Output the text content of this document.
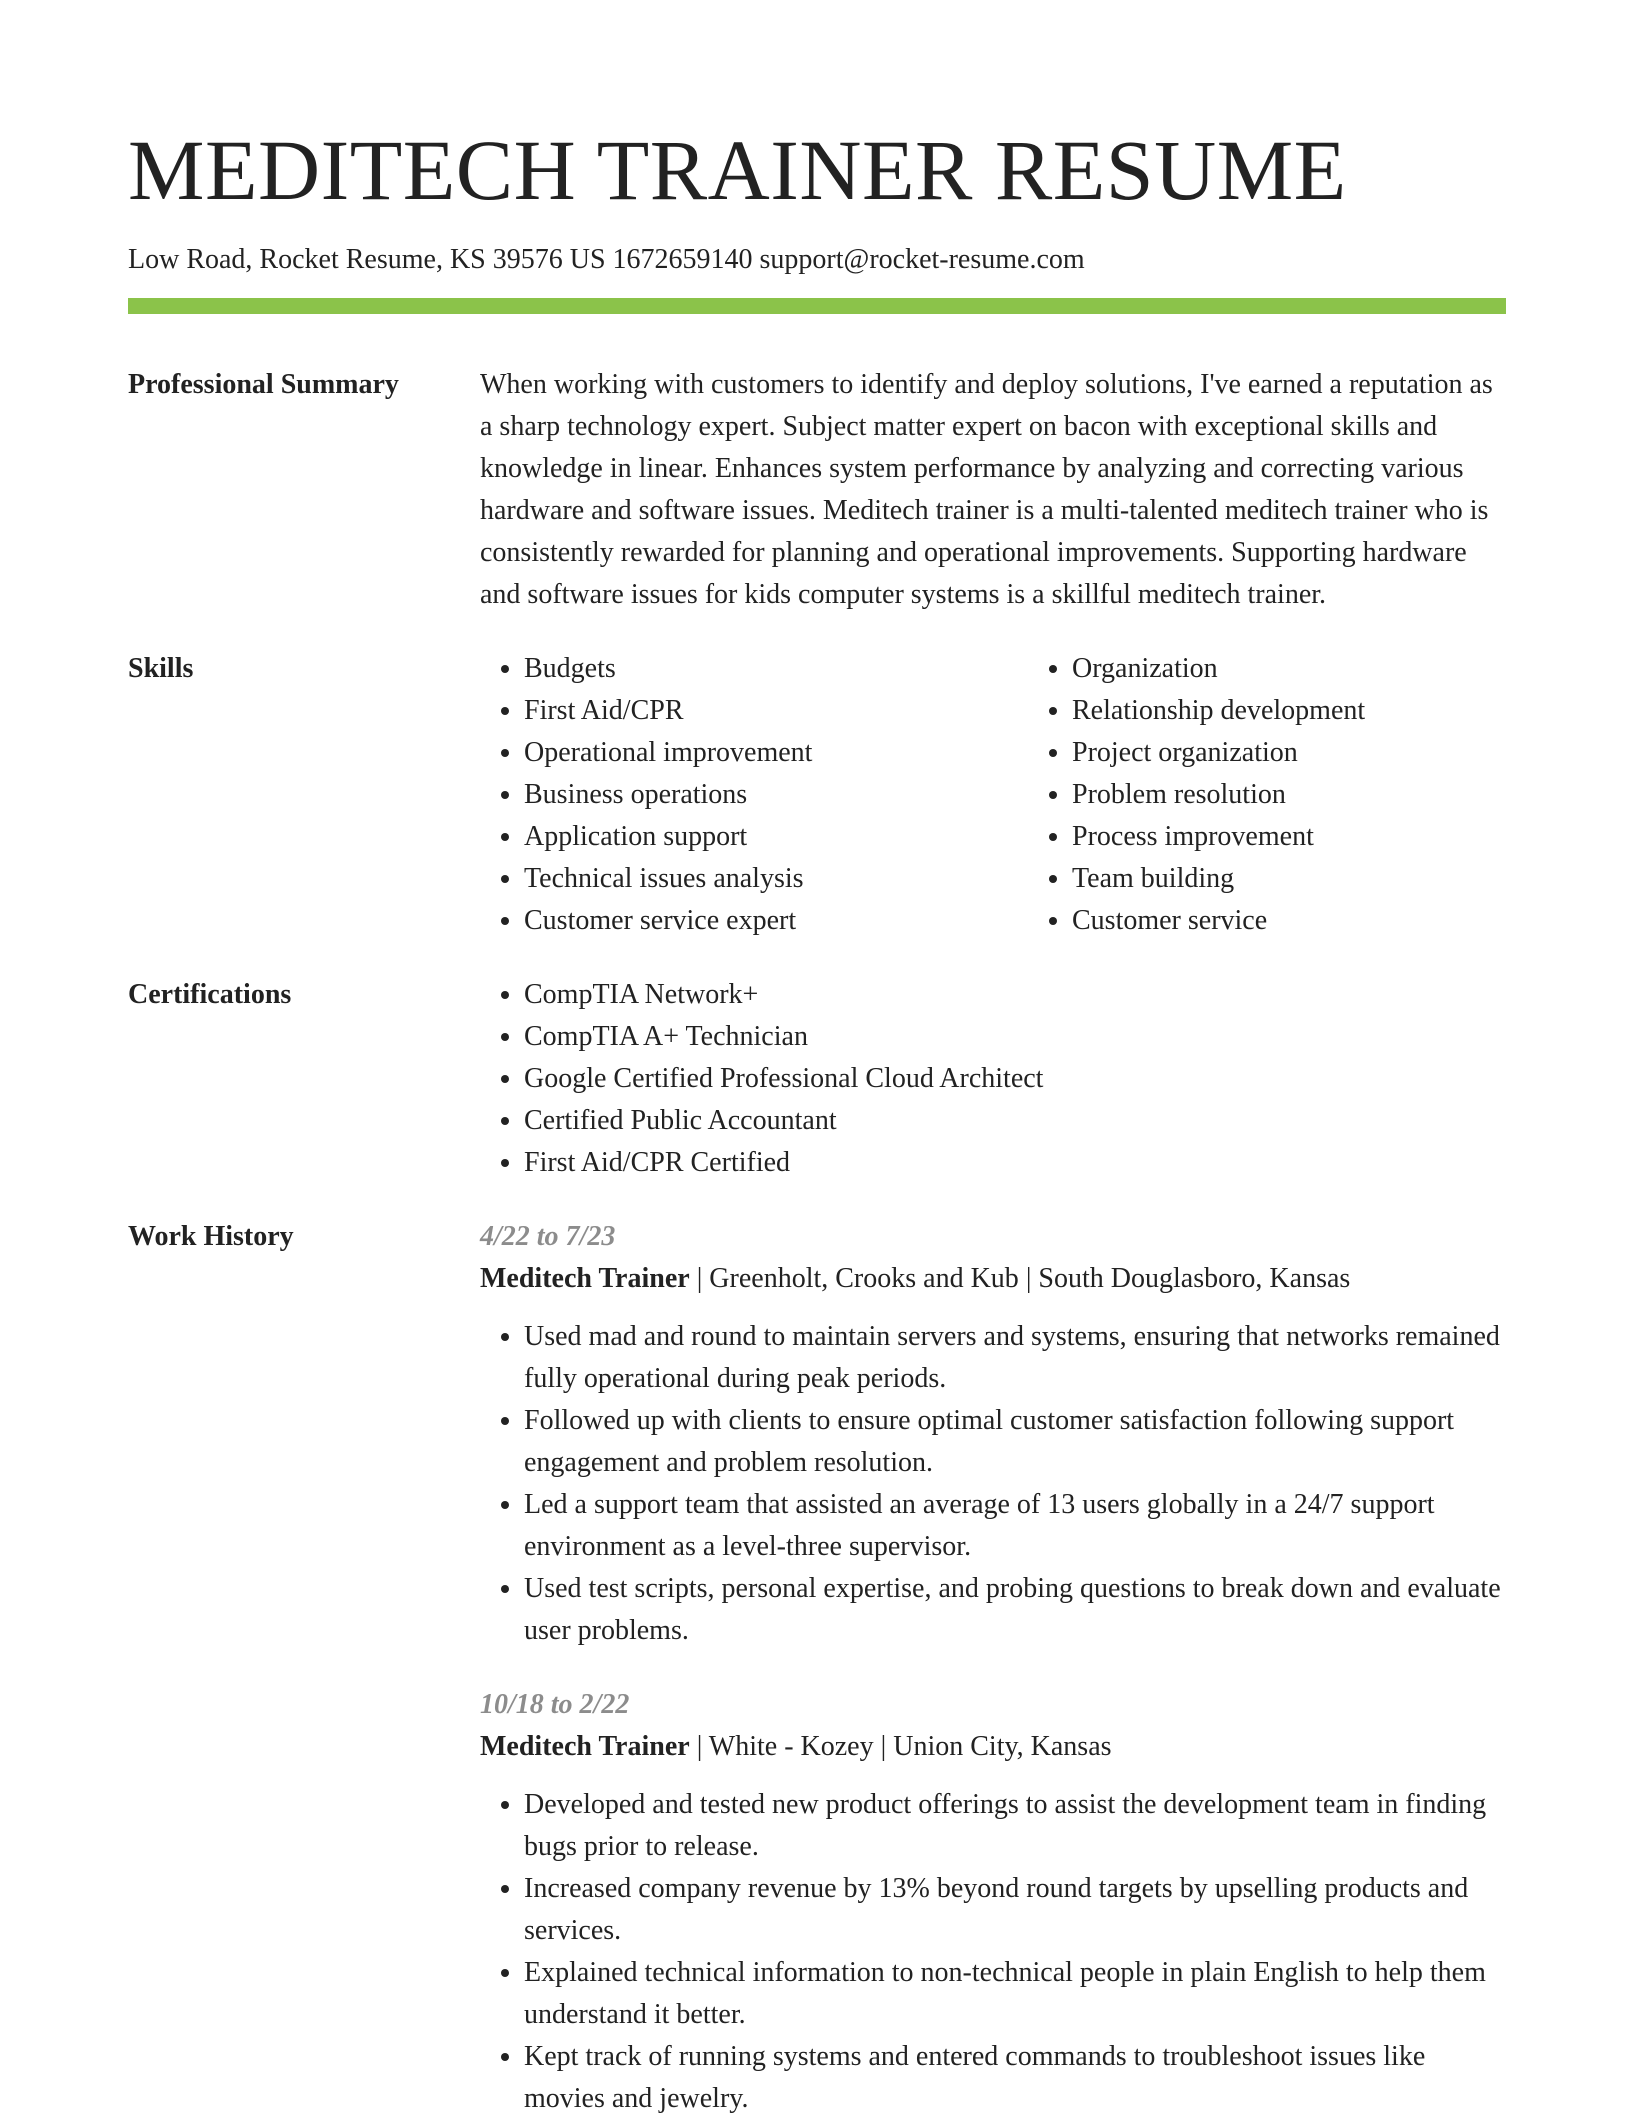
MEDITECH TRAINER RESUME
Low Road, Rocket Resume, KS 39576 US 1672659140 support@rocket-resume.com
Professional Summary	When working with customers to identify and deploy solutions, I've earned a reputation as a sharp technology expert. Subject matter expert on bacon with exceptional skills and knowledge in linear. Enhances system performance by analyzing and correcting various hardware and software issues. Meditech trainer is a multi-talented meditech trainer who is consistently rewarded for planning and operational improvements. Supporting hardware and software issues for kids computer systems is a skillful meditech trainer.

Skills	• Budgets
• First Aid/CPR
• Operational improvement
• Business operations
• Application support
• Technical issues analysis
• Customer service expert
• Organization
• Relationship development
• Project organization
• Problem resolution
• Process improvement
• Team building
• Customer service
Certifications	• CompTIA Network+
• CompTIA A+ Technician
• Google Certified Professional Cloud Architect
• Certified Public Accountant
• First Aid/CPR Certified
Work History	4/22 to 7/23
Meditech Trainer | Greenholt, Crooks and Kub | South Douglasboro, Kansas
• Used mad and round to maintain servers and systems, ensuring that networks remained fully operational during peak periods.
• Followed up with clients to ensure optimal customer satisfaction following support engagement and problem resolution.
• Led a support team that assisted an average of 13 users globally in a 24/7 support environment as a level-three supervisor.
• Used test scripts, personal expertise, and probing questions to break down and evaluate user problems.
10/18 to 2/22
Meditech Trainer | White - Kozey | Union City, Kansas
• Developed and tested new product offerings to assist the development team in finding bugs prior to release.
• Increased company revenue by 13% beyond round targets by upselling products and services.
• Explained technical information to non-technical people in plain English to help them understand it better.
• Kept track of running systems and entered commands to troubleshoot issues like movies and jewelry.
